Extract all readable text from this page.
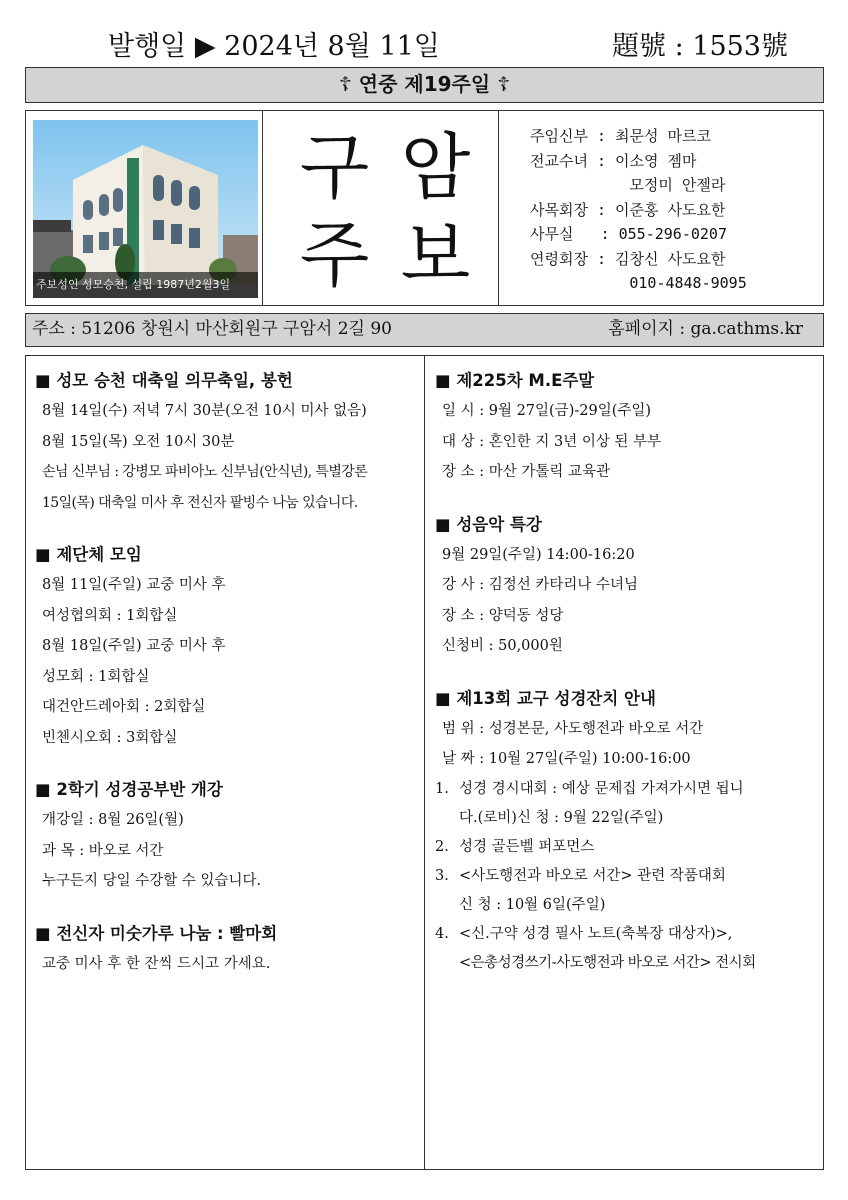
발행일 ▶ 2024년 8월 11일	題號 : 1553號
☦ 연중 제19주일 ☦
주보성인 성모승천, 설립 1987년2월3일
구 암
주 보
주임신부 : 최문성 마르코
전교수녀 : 이소영 젬마
모정미 안젤라
사목회장 : 이준홍 사도요한
사무실   : 055-296-0207
연령회장 : 김창신 사도요한
010-4848-9095
주소 : 51206 창원시 마산회원구 구암서 2길 90	홈페이지 : ga.cathms.kr
■ 성모 승천 대축일 의무축일, 봉헌
8월 14일(수) 저녁 7시 30분(오전 10시 미사 없음)
8월 15일(목) 오전 10시 30분
손님 신부님 : 강병모 파비아노 신부님(안식년), 특별강론
15일(목) 대축일 미사 후 전신자 팥빙수 나눔 있습니다.
■ 제단체 모임
8월 11일(주일) 교중 미사 후
여성협의회 : 1회합실
8월 18일(주일) 교중 미사 후
성모회 : 1회합실
대건안드레아회 : 2회합실
빈첸시오회 : 3회합실
■ 2학기 성경공부반 개강
개강일 : 8월 26일(월)
과 목 : 바오로 서간
누구든지 당일 수강할 수 있습니다.
■ 전신자 미숫가루 나눔 : 빨마회
교중 미사 후 한 잔씩 드시고 가세요.
■ 제225차 M.E주말
일 시 : 9월 27일(금)-29일(주일)
대 상 : 혼인한 지 3년 이상 된 부부
장 소 : 마산 가톨릭 교육관
■ 성음악 특강
9월 29일(주일) 14:00-16:20
강 사 : 김정선 카타리나 수녀님
장 소 : 양덕동 성당
신청비 : 50,000원
■ 제13회 교구 성경잔치 안내
범 위 : 성경본문, 사도행전과 바오로 서간
날 짜 : 10월 27일(주일) 10:00-16:00
1. 성경 경시대회 : 예상 문제집 가져가시면 됩니
다.(로비)신 청 : 9월 22일(주일)
2. 성경 골든벨 퍼포먼스
3. <사도행전과 바오로 서간> 관련 작품대회
신 청 : 10월 6일(주일)
4. <신.구약 성경 필사 노트(축복장 대상자)>,
<은총성경쓰기-사도행전과 바오로 서간> 전시회
